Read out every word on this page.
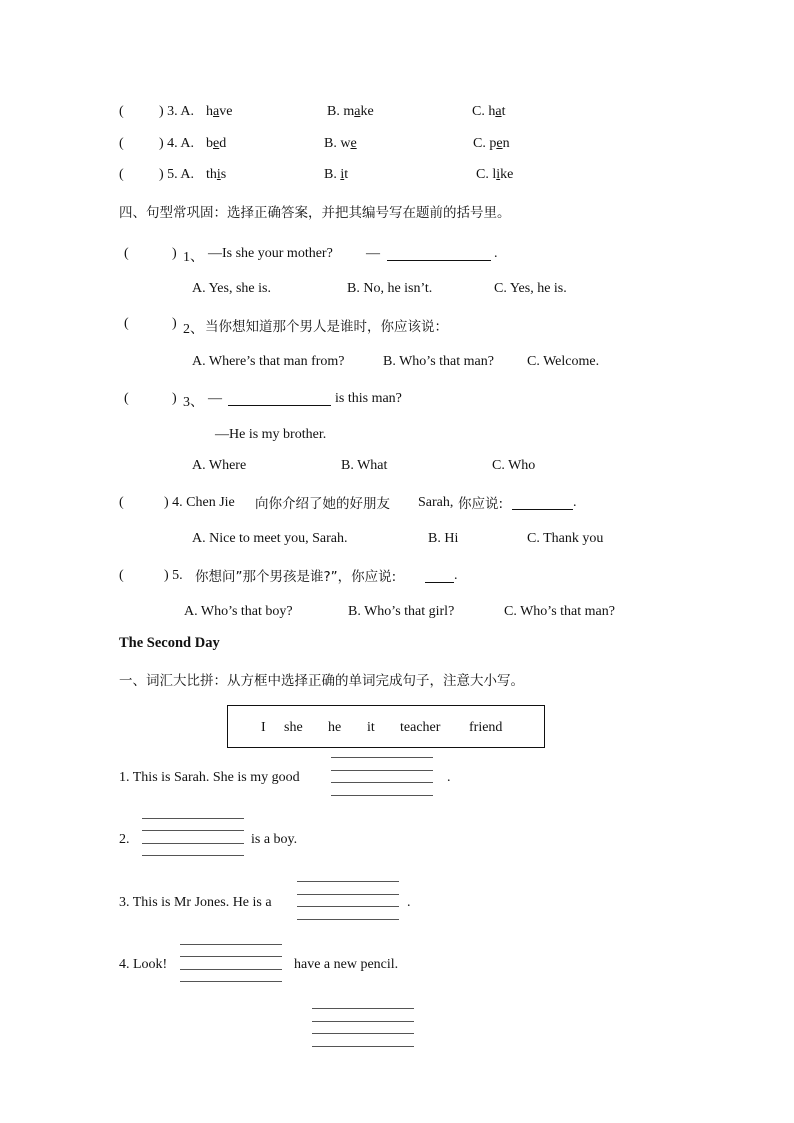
(	) 3. A. have	B. make	C. hat
(	) 4. A. bed	B. we	C. pen
(	) 5. A. this	B. it	C. like
四、句型常巩固：选择正确答案，并把其编号写在题前的括号里。
(	) 1、 —Is she your mother? —	.
A. Yes, she is.	B. No, he isn’t.	C. Yes, he is.
(	) 2、 当你想知道那个男人是谁时，你应该说：
A. Where’s that man from?	B. Who’s that man? C. Welcome.
(	) 3、 —	is this man?
—He is my brother.
A. Where	B. What	C. Who
(	) 4. Chen Jie 向你介绍了她的好朋友 Sarah, 你应说:	.
A. Nice to meet you, Sarah.	B. Hi	C. Thank you
(	) 5. 你想问”那个男孩是谁?”，你应说:	.
A. Who’s that boy?	B. Who’s that girl?	C. Who’s that man?
The Second Day
一、词汇大比拼：从方框中选择正确的单词完成句子，注意大小写。
I she he it teacher friend
1. This is Sarah. She is my good	.
2.	is a boy.
3. This is Mr Jones. He is a	.
4. Look!	have a new pencil.
